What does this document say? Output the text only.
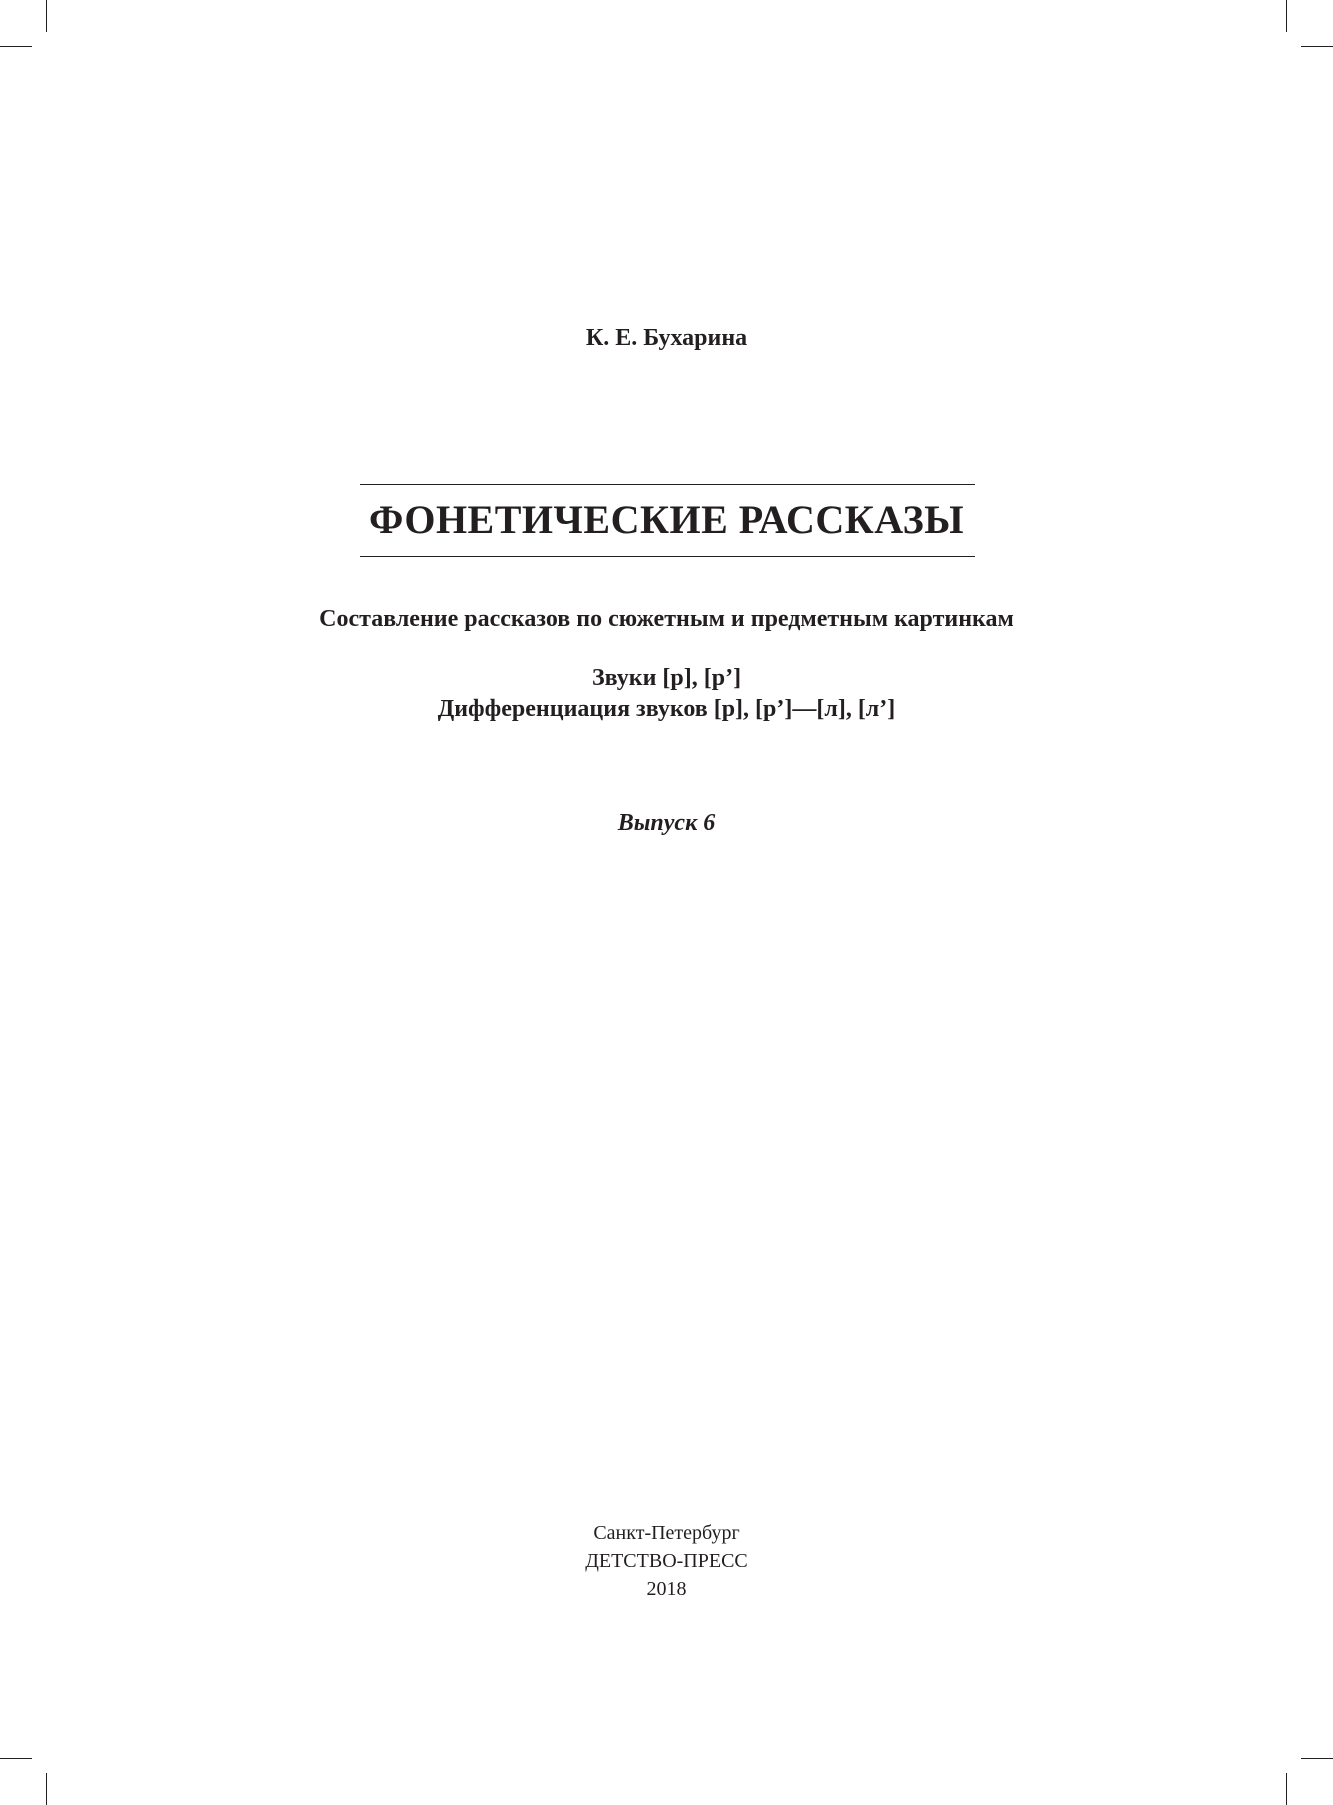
К. Е. Бухарина
ФОНЕТИЧЕСКИЕ РАССКАЗЫ
Составление рассказов по сюжетным и предметным картинкам
Звуки [р], [р’]
Дифференциация звуков [р], [р’]—[л], [л’]
Выпуск 6
Санкт-Петербург
ДЕТСТВО-ПРЕСС
2018
